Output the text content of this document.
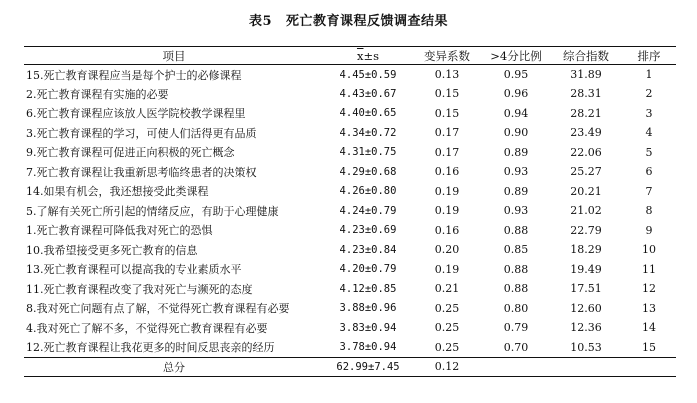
表5 死亡教育课程反馈调查结果
项目	$\overline{x}\pm s$	变异系数	>4分比例	综合指数	排序
15.死亡教育课程应当是每个护士的必修课程	4.45±0.59	0.13	0.95	31.89	1
2.死亡教育课程有实施的必要	4.43±0.67	0.15	0.96	28.31	2
6.死亡教育课程应该放人医学院校教学课程里	4.40±0.65	0.15	0.94	28.21	3
3.死亡教育课程的学习，可使人们活得更有品质	4.34±0.72	0.17	0.90	23.49	4
9.死亡教育课程可促进正向积极的死亡概念	4.31±0.75	0.17	0.89	22.06	5
7.死亡教育课程让我重新思考临终患者的决策权	4.29±0.68	0.16	0.93	25.27	6
14.如果有机会，我还想接受此类课程	4.26±0.80	0.19	0.89	20.21	7
5.了解有关死亡所引起的情绪反应，有助于心理健康	4.24±0.79	0.19	0.93	21.02	8
1.死亡教育课程可降低我对死亡的恐惧	4.23±0.69	0.16	0.88	22.79	9
10.我希望接受更多死亡教育的信息	4.23±0.84	0.20	0.85	18.29	10
13.死亡教育课程可以提高我的专业素质水平	4.20±0.79	0.19	0.88	19.49	11
11.死亡教育课程改变了我对死亡与濒死的态度	4.12±0.85	0.21	0.88	17.51	12
8.我对死亡问题有点了解，不觉得死亡教育课程有必要	3.88±0.96	0.25	0.80	12.60	13
4.我对死亡了解不多，不觉得死亡教育课程有必要	3.83±0.94	0.25	0.79	12.36	14
12.死亡教育课程让我花更多的时间反思丧亲的经历	3.78±0.94	0.25	0.70	10.53	15
总分	62.99±7.45	0.12			
